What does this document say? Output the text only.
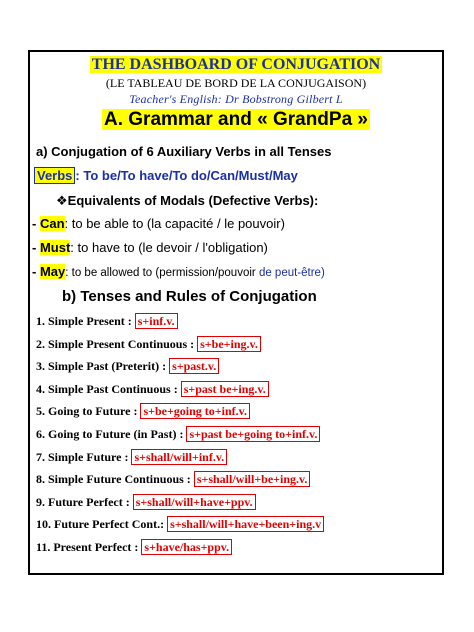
THE DASHBOARD OF CONJUGATION
(LE TABLEAU DE BORD DE LA CONJUGAISON)
Teacher's English: Dr Bobstrong Gilbert L
A. Grammar and « GrandPa »
a) Conjugation of 6 Auxiliary Verbs in all Tenses
Verbs : To be/To have/To do/Can/Must/May
❖Equivalents of Modals (Defective Verbs):
- Can: to be able to (la capacité / le pouvoir)
- Must: to have to (le devoir / l'obligation)
- May: to be allowed to (permission/pouvoir de peut-être)
b) Tenses and Rules of Conjugation
1. Simple Present : s+inf.v.
2. Simple Present Continuous : s+be+ing.v.
3. Simple Past (Preterit) : s+past.v.
4. Simple Past Continuous : s+past be+ing.v.
5. Going to Future : s+be+going to+inf.v.
6. Going to Future (in Past) : s+past be+going to+inf.v.
7. Simple Future : s+shall/will+inf.v.
8. Simple Future Continuous : s+shall/will+be+ing.v.
9. Future Perfect : s+shall/will+have+ppv.
10. Future Perfect Cont.: s+shall/will+have+been+ing.v
11. Present Perfect : s+have/has+ppv.
